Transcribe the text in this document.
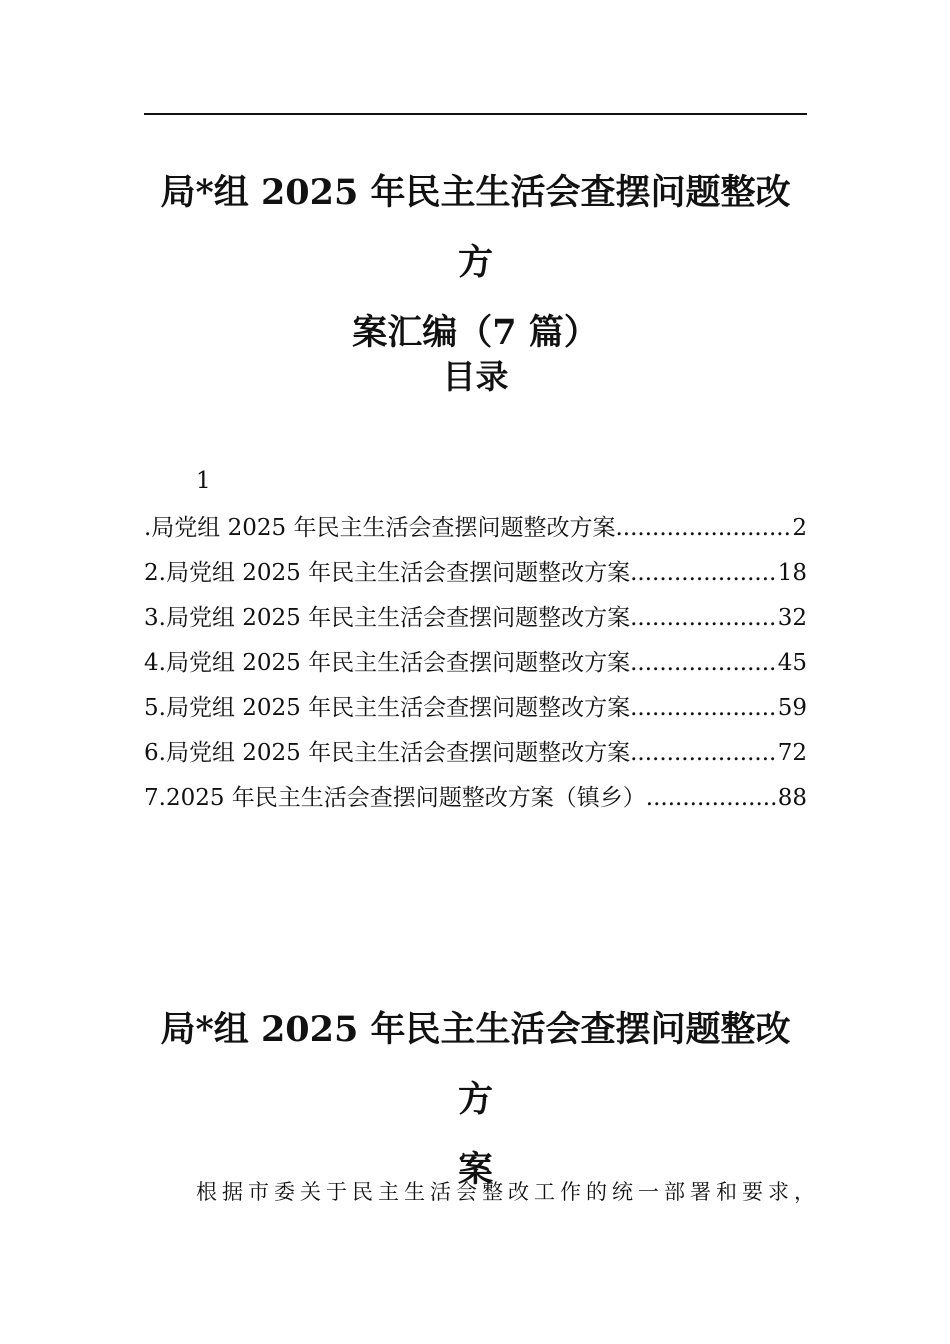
局*组 2025 年民主生活会查摆问题整改方
案汇编（7 篇）
目录
1
.局党组 2025 年民主生活会查摆问题整改方案 .....	2
2.局党组 2025 年民主生活会查摆问题整改方案 .....	18
3.局党组 2025 年民主生活会查摆问题整改方案 .....	32
4.局党组 2025 年民主生活会查摆问题整改方案 .....	45
5.局党组 2025 年民主生活会查摆问题整改方案 .....	59
6.局党组 2025 年民主生活会查摆问题整改方案 .....	72
7.2025 年民主生活会查摆问题整改方案（镇乡） .....	88
局*组 2025 年民主生活会查摆问题整改方
案

根据市委关于民主生活会整改工作的统一部署和要求，
